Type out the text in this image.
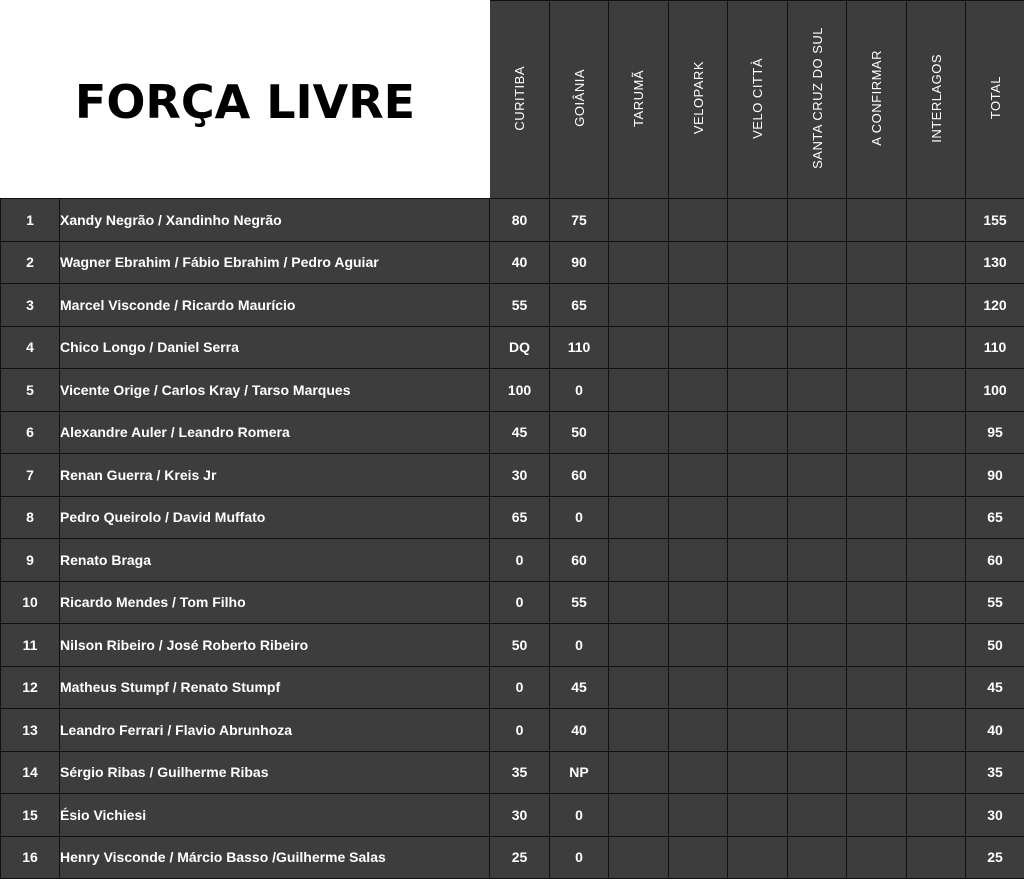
		CURITIBA	GOIÂNIA	TARUMÃ	VELOPARK	VELO CITTÀ	SANTA CRUZ DO SUL	A CONFIRMAR	INTERLAGOS	TOTAL
1	Xandy Negrão / Xandinho Negrão	80	75							155
2	Wagner Ebrahim / Fábio Ebrahim / Pedro Aguiar	40	90							130
3	Marcel Visconde / Ricardo Maurício	55	65							120
4	Chico Longo / Daniel Serra	DQ	110							110
5	Vicente Orige / Carlos Kray / Tarso Marques	100	0							100
6	Alexandre Auler / Leandro Romera	45	50							95
7	Renan Guerra / Kreis Jr	30	60							90
8	Pedro Queirolo / David Muffato	65	0							65
9	Renato Braga	0	60							60
10	Ricardo Mendes / Tom Filho	0	55							55
11	Nilson Ribeiro / José Roberto Ribeiro	50	0							50
12	Matheus Stumpf / Renato Stumpf	0	45							45
13	Leandro Ferrari / Flavio Abrunhoza	0	40							40
14	Sérgio Ribas / Guilherme Ribas	35	NP							35
15	Ésio Vichiesi	30	0							30
16	Henry Visconde / Márcio Basso /Guilherme Salas	25	0							25
FORÇA LIVRE
